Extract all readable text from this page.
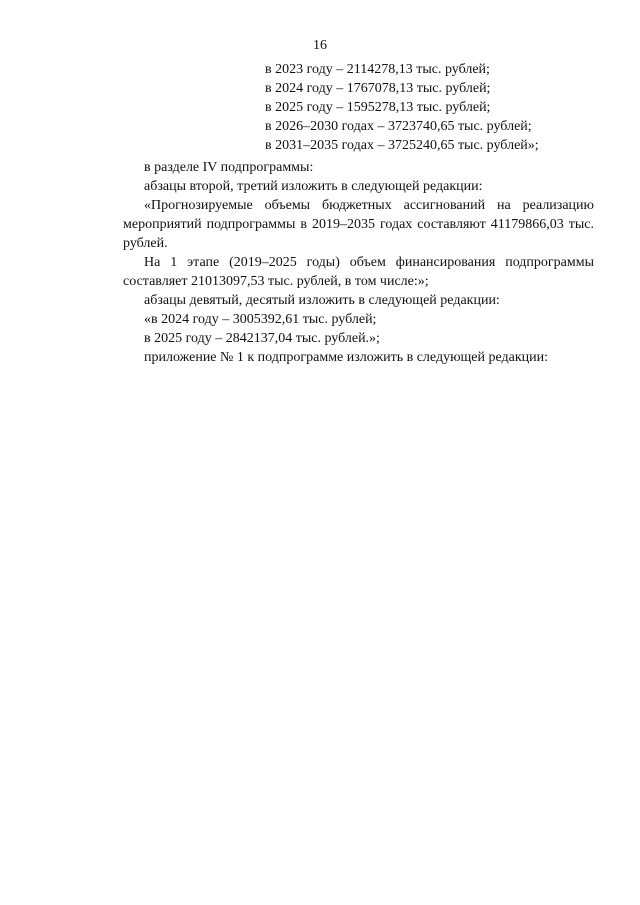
16
в 2023 году – 2114278,13 тыс. рублей;
в 2024 году – 1767078,13 тыс. рублей;
в 2025 году – 1595278,13 тыс. рублей;
в 2026–2030 годах – 3723740,65 тыс. рублей;
в 2031–2035 годах – 3725240,65 тыс. рублей»;

в разделе IV подпрограммы:

абзацы второй, третий изложить в следующей редакции:

«Прогнозируемые объемы бюджетных ассигнований на реализацию мероприятий подпрограммы в 2019–2035 годах составляют 41179866,03 тыс. рублей.

На 1 этапе (2019–2025 годы) объем финансирования подпрограммы составляет 21013097,53 тыс. рублей, в том числе:»;

абзацы девятый, десятый изложить в следующей редакции:

«в 2024 году – 3005392,61 тыс. рублей;

в 2025 году – 2842137,04 тыс. рублей.»;

приложение № 1 к подпрограмме изложить в следующей редакции:
